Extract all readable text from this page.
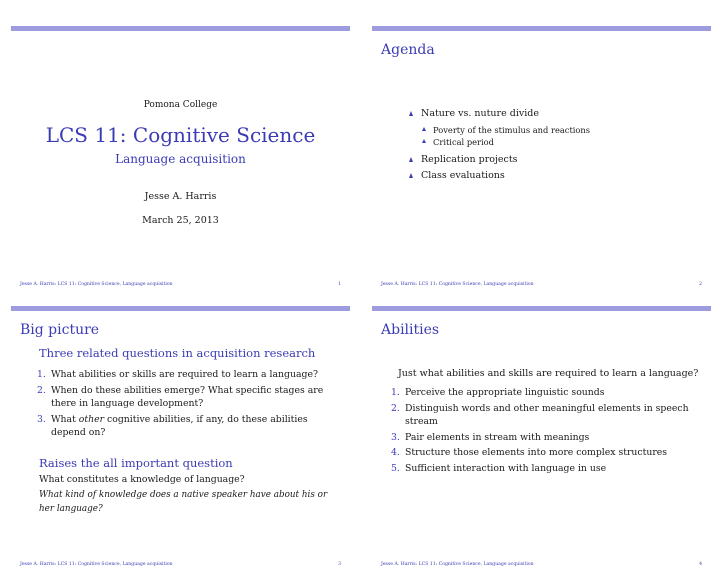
Pomona College
LCS 11: Cognitive Science
Language acquisition
Jesse A. Harris
March 25, 2013
Jesse A. Harris: LCS 11: Cognitive Science, Language acquisition	1
Agenda
Nature vs. nuture divide
Poverty of the stimulus and reactions
Critical period
Replication projects
Class evaluations
Jesse A. Harris: LCS 11: Cognitive Science, Language acquisition	2
Big picture
Three related questions in acquisition research
1. What abilities or skills are required to learn a language?
2. When do these abilities emerge? What specific stages are there in language development?
3. What other cognitive abilities, if any, do these abilities depend on?
Raises the all important question
What constitutes a knowledge of language?
What kind of knowledge does a native speaker have about his or her language?
Jesse A. Harris: LCS 11: Cognitive Science, Language acquisition	3
Abilities
Just what abilities and skills are required to learn a language?
1. Perceive the appropriate linguistic sounds
2. Distinguish words and other meaningful elements in speech stream
3. Pair elements in stream with meanings
4. Structure those elements into more complex structures
5. Sufficient interaction with language in use
Jesse A. Harris: LCS 11: Cognitive Science, Language acquisition	4
